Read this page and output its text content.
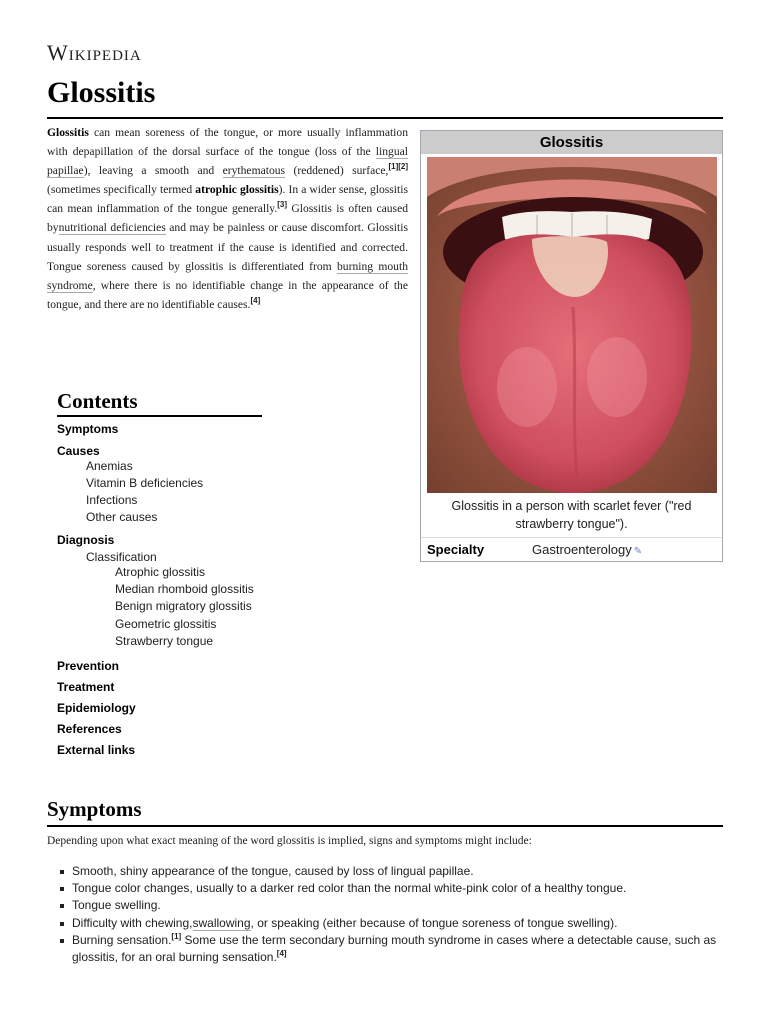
Wikipedia
Glossitis

Glossitis can mean soreness of the tongue, or more usually inflammation with depapillation of the dorsal surface of the tongue (loss of the lingual papillae), leaving a smooth and erythematous (reddened) surface,[1][2] (sometimes specifically termed atrophic glossitis). In a wider sense, glossitis can mean inflammation of the tongue generally.[3] Glossitis is often caused bynutritional deficiencies and may be painless or cause discomfort. Glossitis usually responds well to treatment if the cause is identified and corrected. Tongue soreness caused by glossitis is differentiated from burning mouth syndrome, where there is no identifiable change in the appearance of the tongue, and there are no identifiable causes.[4]

Glossitis
Glossitis in a person with scarlet fever ("red strawberry tongue").
Specialty	Gastroenterology ✎
Contents
Symptoms
Causes
Anemias
Vitamin B deficiencies
Infections
Other causes
Diagnosis
Classification
Atrophic glossitis
Median rhomboid glossitis
Benign migratory glossitis
Geometric glossitis
Strawberry tongue
Prevention
Treatment
Epidemiology
References
External links
Symptoms

Depending upon what exact meaning of the word glossitis is implied, signs and symptoms might include:

Smooth, shiny appearance of the tongue, caused by loss of lingual papillae.
Tongue color changes, usually to a darker red color than the normal white-pink color of a healthy tongue.
Tongue swelling.
Difficulty with chewing,swallowing, or speaking (either because of tongue soreness of tongue swelling).
Burning sensation.[1] Some use the term secondary burning mouth syndrome in cases where a detectable cause, such as glossitis, for an oral burning sensation.[4]
